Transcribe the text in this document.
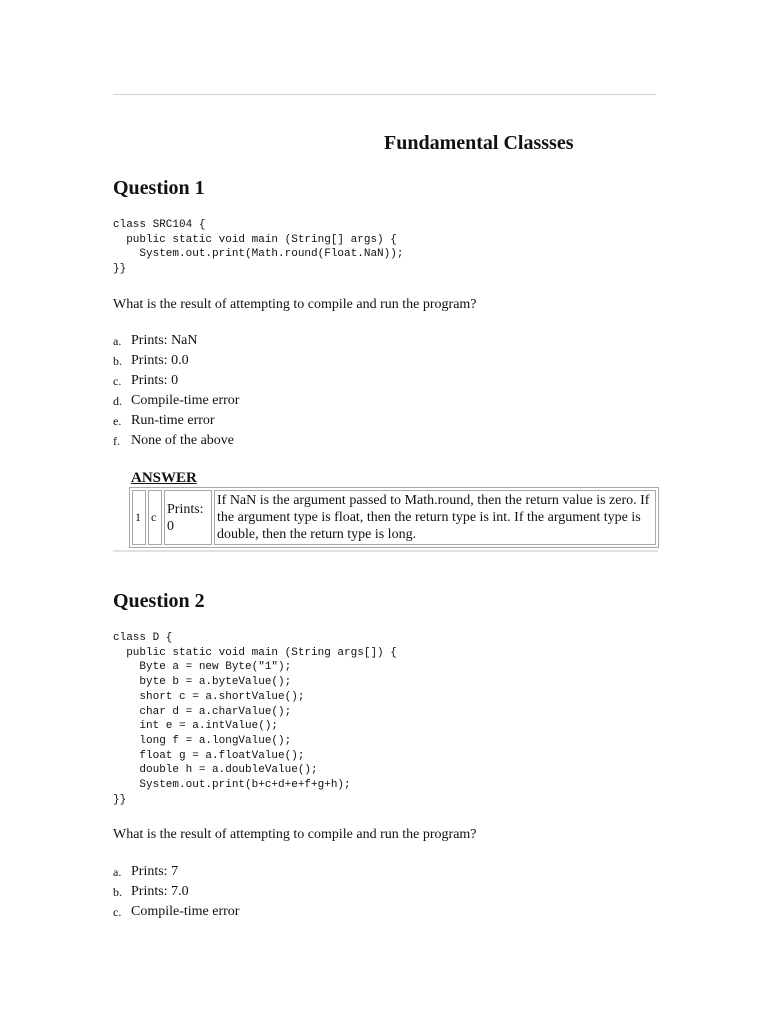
Fundamental Classses
Question 1
class SRC104 {
public static void main (String[] args) {
System.out.print(Math.round(Float.NaN));
}}

What is the result of attempting to compile and run the program?

a. Prints: NaN
b. Prints: 0.0
c. Prints: 0
d. Compile-time error
e. Run-time error
f. None of the above

ANSWER

1	c	Prints: 0	If NaN is the argument passed to Math.round, then the return value is zero. If the argument type is float, then the return type is int. If the argument type is double, then the return type is long.
Question 2
class D {
public static void main (String args[]) {
Byte a = new Byte("1");
byte b = a.byteValue();
short c = a.shortValue();
char d = a.charValue();
int e = a.intValue();
long f = a.longValue();
float g = a.floatValue();
double h = a.doubleValue();
System.out.print(b+c+d+e+f+g+h);
}}

What is the result of attempting to compile and run the program?

a. Prints: 7
b. Prints: 7.0
c. Compile-time error
